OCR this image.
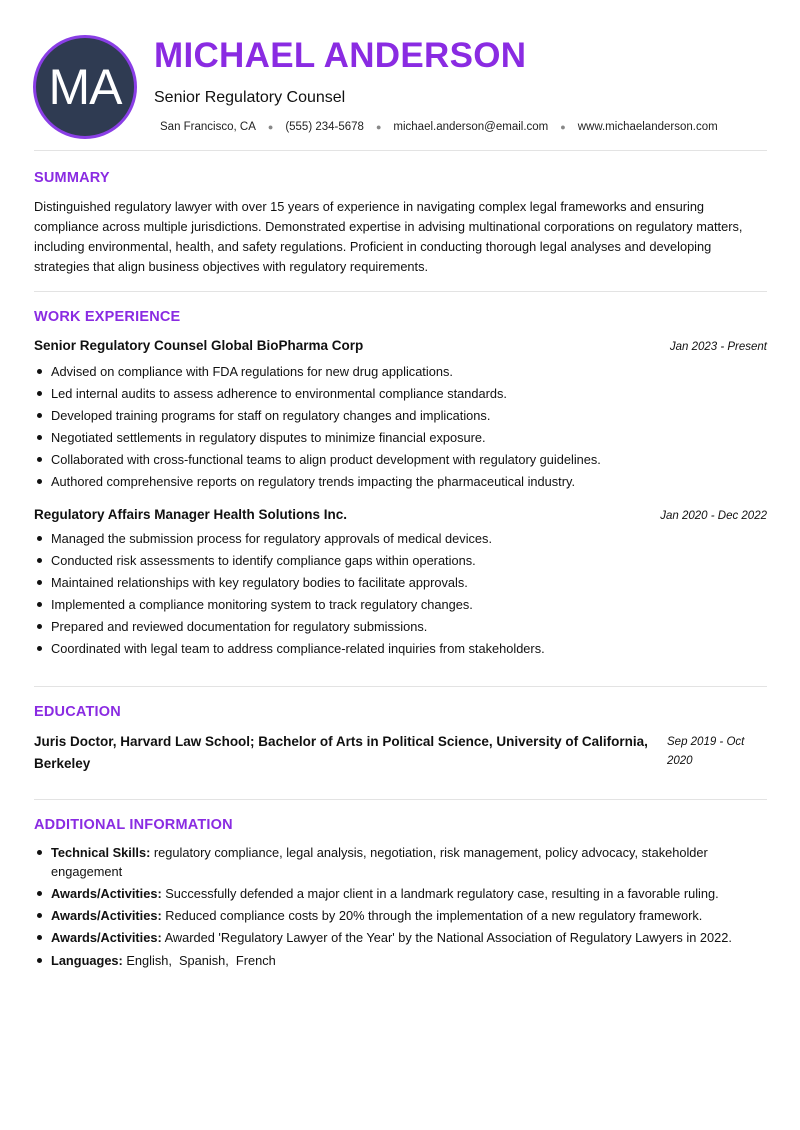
MA
MICHAEL ANDERSON
Senior Regulatory Counsel
San Francisco, CA ● (555) 234-5678 ● michael.anderson@email.com ● www.michaelanderson.com
SUMMARY

Distinguished regulatory lawyer with over 15 years of experience in navigating complex legal frameworks and ensuring compliance across multiple jurisdictions. Demonstrated expertise in advising multinational corporations on regulatory matters, including environmental, health, and safety regulations. Proficient in conducting thorough legal analyses and developing strategies that align business objectives with regulatory requirements.

WORK EXPERIENCE
Senior Regulatory Counsel Global BioPharma Corp	Jan 2023 - Present
Advised on compliance with FDA regulations for new drug applications.
Led internal audits to assess adherence to environmental compliance standards.
Developed training programs for staff on regulatory changes and implications.
Negotiated settlements in regulatory disputes to minimize financial exposure.
Collaborated with cross-functional teams to align product development with regulatory guidelines.
Authored comprehensive reports on regulatory trends impacting the pharmaceutical industry.
Regulatory Affairs Manager Health Solutions Inc.	Jan 2020 - Dec 2022
Managed the submission process for regulatory approvals of medical devices.
Conducted risk assessments to identify compliance gaps within operations.
Maintained relationships with key regulatory bodies to facilitate approvals.
Implemented a compliance monitoring system to track regulatory changes.
Prepared and reviewed documentation for regulatory submissions.
Coordinated with legal team to address compliance-related inquiries from stakeholders.
EDUCATION
Juris Doctor, Harvard Law School; Bachelor of Arts in Political Science, University of California, Berkeley
Sep 2019 - Oct 2020
ADDITIONAL INFORMATION
Technical Skills: regulatory compliance, legal analysis, negotiation, risk management, policy advocacy, stakeholder engagement
Awards/Activities: Successfully defended a major client in a landmark regulatory case, resulting in a favorable ruling.
Awards/Activities: Reduced compliance costs by 20% through the implementation of a new regulatory framework.
Awards/Activities: Awarded 'Regulatory Lawyer of the Year' by the National Association of Regulatory Lawyers in 2022.
Languages: English,  Spanish,  French
